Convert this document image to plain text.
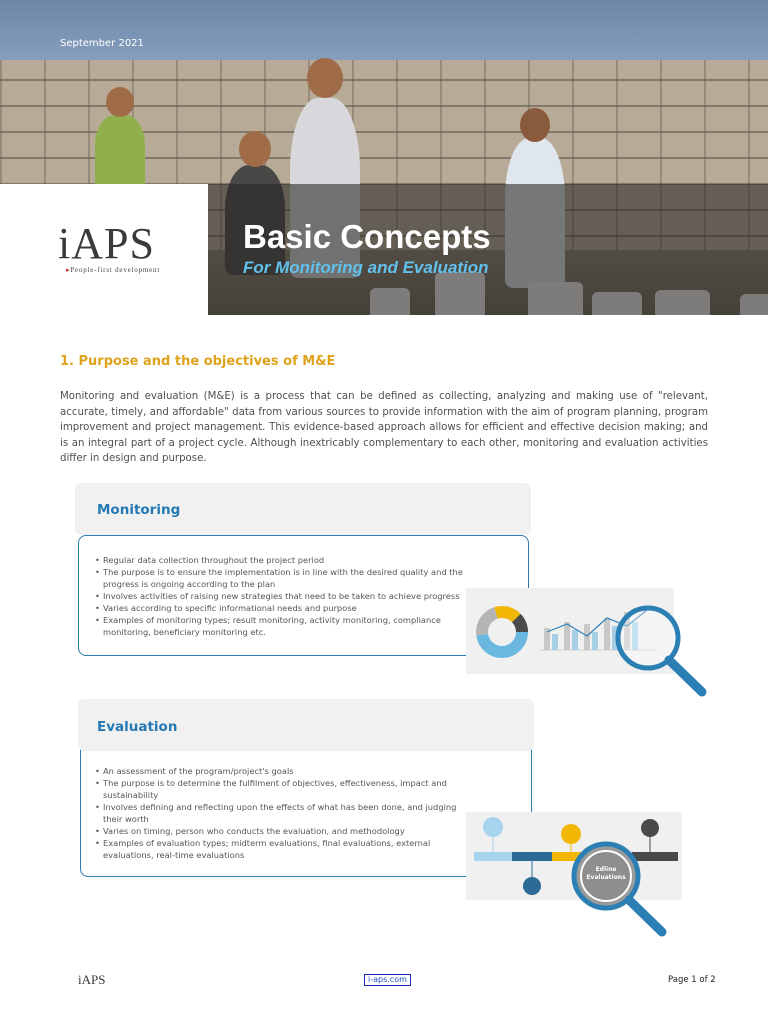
September 2021
iAPS
▸People-first development
Basic Concepts
For Monitoring and Evaluation
1. Purpose and the objectives of M&E

Monitoring and evaluation (M&E) is a process that can be defined as collecting, analyzing and making use of "relevant, accurate, timely, and affordable" data from various sources to provide information with the aim of program planning, program improvement and project management. This evidence-based approach allows for efficient and effective decision making; and is an integral part of a project cycle. Although inextricably complementary to each other, monitoring and evaluation activities differ in design and purpose.

Monitoring
• Regular data collection throughout the project period
• The purpose is to ensure the implementation is in line with the desired quality and the progress is ongoing according to the plan
• Involves activities of raising new strategies that need to be taken to achieve progress
• Varies according to specific informational needs and purpose
• Examples of monitoring types; result monitoring, activity monitoring, compliance monitoring, beneficiary monitoring etc.
Evaluation
• An assessment of the program/project's goals
• The purpose is to determine the fulfilment of objectives, effectiveness, impact and sustainability
• Involves defining and reflecting upon the effects of what has been done, and judging their worth
• Varies on timing, person who conducts the evaluation, and methodology
• Examples of evaluation types; midterm evaluations, final evaluations, external evaluations, real-time evaluations
Edline Evaluations
iAPS	i-aps.com	Page 1 of 2
